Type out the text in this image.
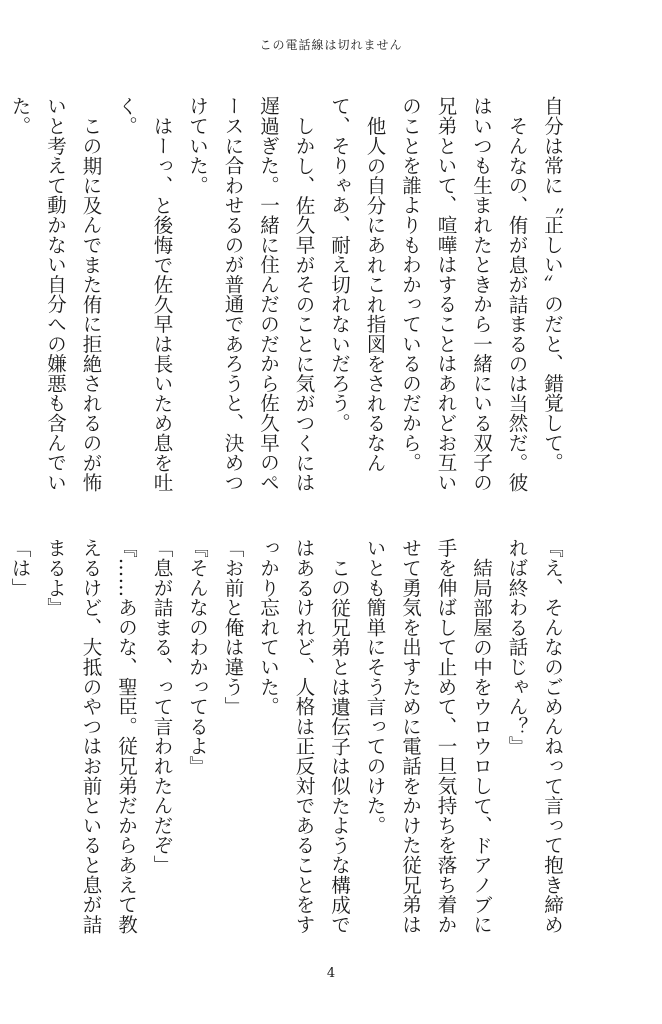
この電話線は切れません

自分は常に〝正しい〟のだと、錯覚して。

そんなの、侑が息が詰まるのは当然だ。彼はいつも生まれたときから一緒にいる双子の兄弟といて、喧嘩はすることはあれどお互いのことを誰よりもわかっているのだから。

他人の自分にあれこれ指図をされるなんて、そりゃあ、耐え切れないだろう。

しかし、佐久早がそのことに気がつくには遅過ぎた。一緒に住んだのだから佐久早のペースに合わせるのが普通であろうと、決めつけていた。

はーっ、と後悔で佐久早は長いため息を吐く。

この期に及んでまた侑に拒絶されるのが怖いと考えて動かない自分への嫌悪も含んでいた。

『え、そんなのごめんねって言って抱き締めれば終わる話じゃん？』

結局部屋の中をウロウロして、ドアノブに手を伸ばして止めて、一旦気持ちを落ち着かせて勇気を出すために電話をかけた従兄弟はいとも簡単にそう言ってのけた。

この従兄弟とは遺伝子は似たような構成ではあるけれど、人格は正反対であることをすっかり忘れていた。

「お前と俺は違う」

『そんなのわかってるよ』

「息が詰まる、って言われたんだぞ」

『……あのな、聖臣。従兄弟だからあえて教えるけど、大抵のやつはお前といると息が詰まるよ』

「は」

4
